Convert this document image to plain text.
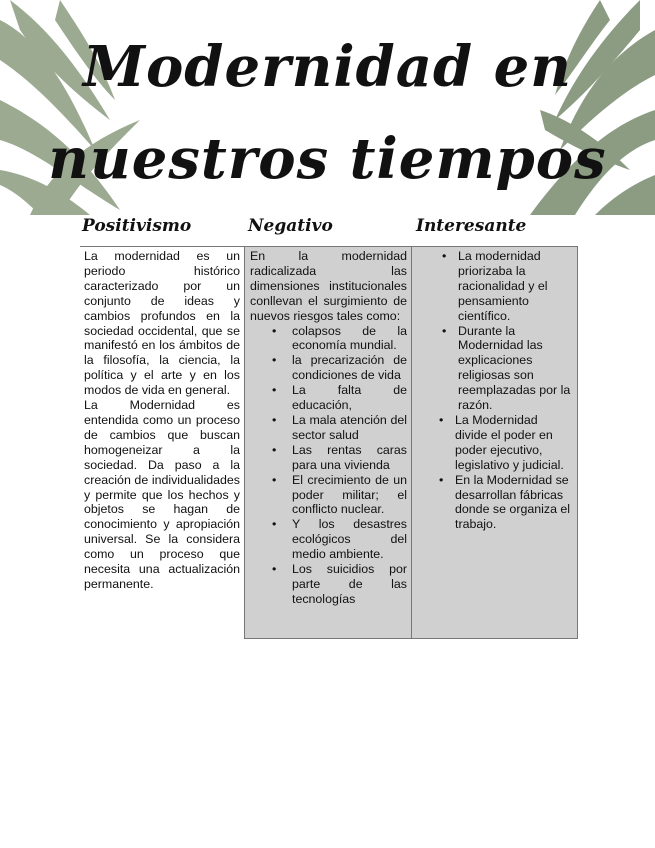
Modernidad en
nuestros tiempos
Positivismo	Negativo	Interesante

La modernidad es un periodo histórico caracterizado por un conjunto de ideas y cambios profundos en la sociedad occidental, que se manifestó en los ámbitos de la filosofía, la ciencia, la política y el arte y en los modos de vida en general.

La Modernidad es entendida como un proceso de cambios que buscan homogeneizar a la sociedad. Da paso a la creación de individualidades y permite que los hechos y objetos se hagan de conocimiento y apropiación universal. Se la considera como un proceso que necesita una actualización permanente.

En la modernidad radicalizada las dimensiones institucionales conllevan el surgimiento de nuevos riesgos tales como:

• colapsos de la economía mundial.
• la precarización de condiciones de vida
• La falta de educación,
• La mala atención del sector salud
• Las rentas caras para una vivienda
• El crecimiento de un poder militar; el conflicto nuclear.
• Y los desastres ecológicos del medio ambiente.
• Los suicidios por parte de las tecnologías
• La modernidad priorizaba la racionalidad y el pensamiento científico.
• Durante la Modernidad las explicaciones religiosas son reemplazadas por la razón.
• La Modernidad divide el poder en poder ejecutivo, legislativo y judicial.
• En la Modernidad se desarrollan fábricas donde se organiza el trabajo.
